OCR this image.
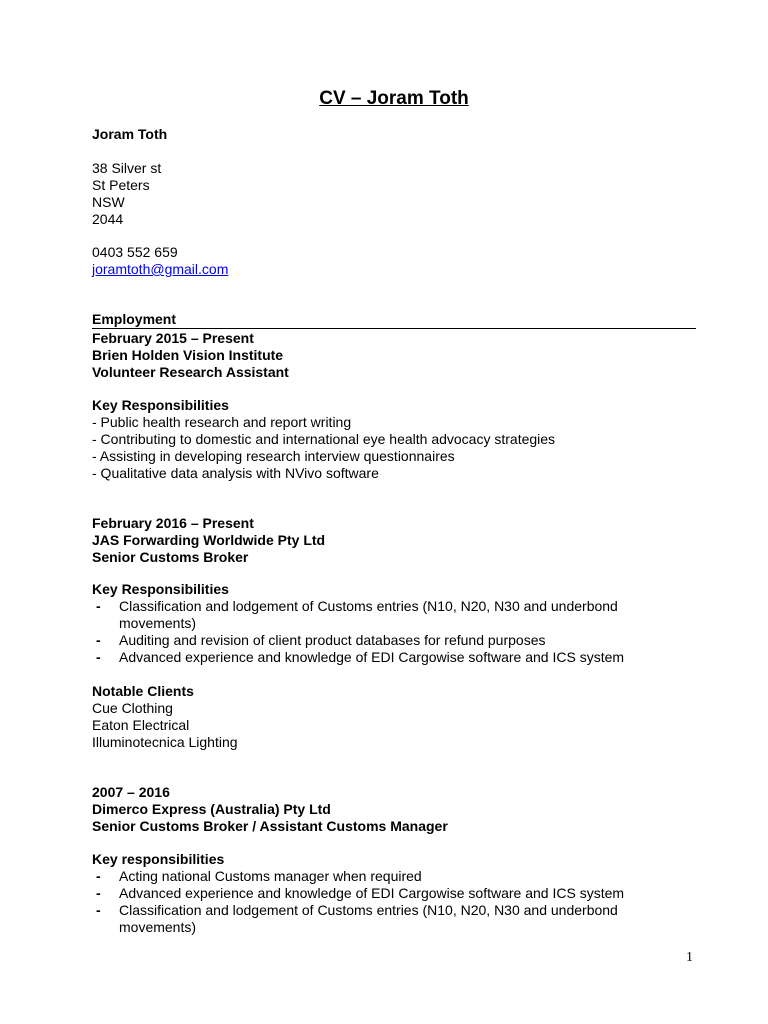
CV – Joram Toth
Joram Toth
38 Silver st
St Peters
NSW
2044
0403 552 659
joramtoth@gmail.com
Employment
February 2015 – Present
Brien Holden Vision Institute
Volunteer Research Assistant
Key Responsibilities
- Public health research and report writing
- Contributing to domestic and international eye health advocacy strategies
- Assisting in developing research interview questionnaires
- Qualitative data analysis with NVivo software
February 2016 – Present
JAS Forwarding Worldwide Pty Ltd
Senior Customs Broker
Key Responsibilities
- Classification and lodgement of Customs entries (N10, N20, N30 and underbond movements)
- Auditing and revision of client product databases for refund purposes
- Advanced experience and knowledge of EDI Cargowise software and ICS system
Notable Clients
Cue Clothing
Eaton Electrical
Illuminotecnica Lighting
2007 – 2016
Dimerco Express (Australia) Pty Ltd
Senior Customs Broker / Assistant Customs Manager
Key responsibilities
- Acting national Customs manager when required
- Advanced experience and knowledge of EDI Cargowise software and ICS system
- Classification and lodgement of Customs entries (N10, N20, N30 and underbond movements)
1
